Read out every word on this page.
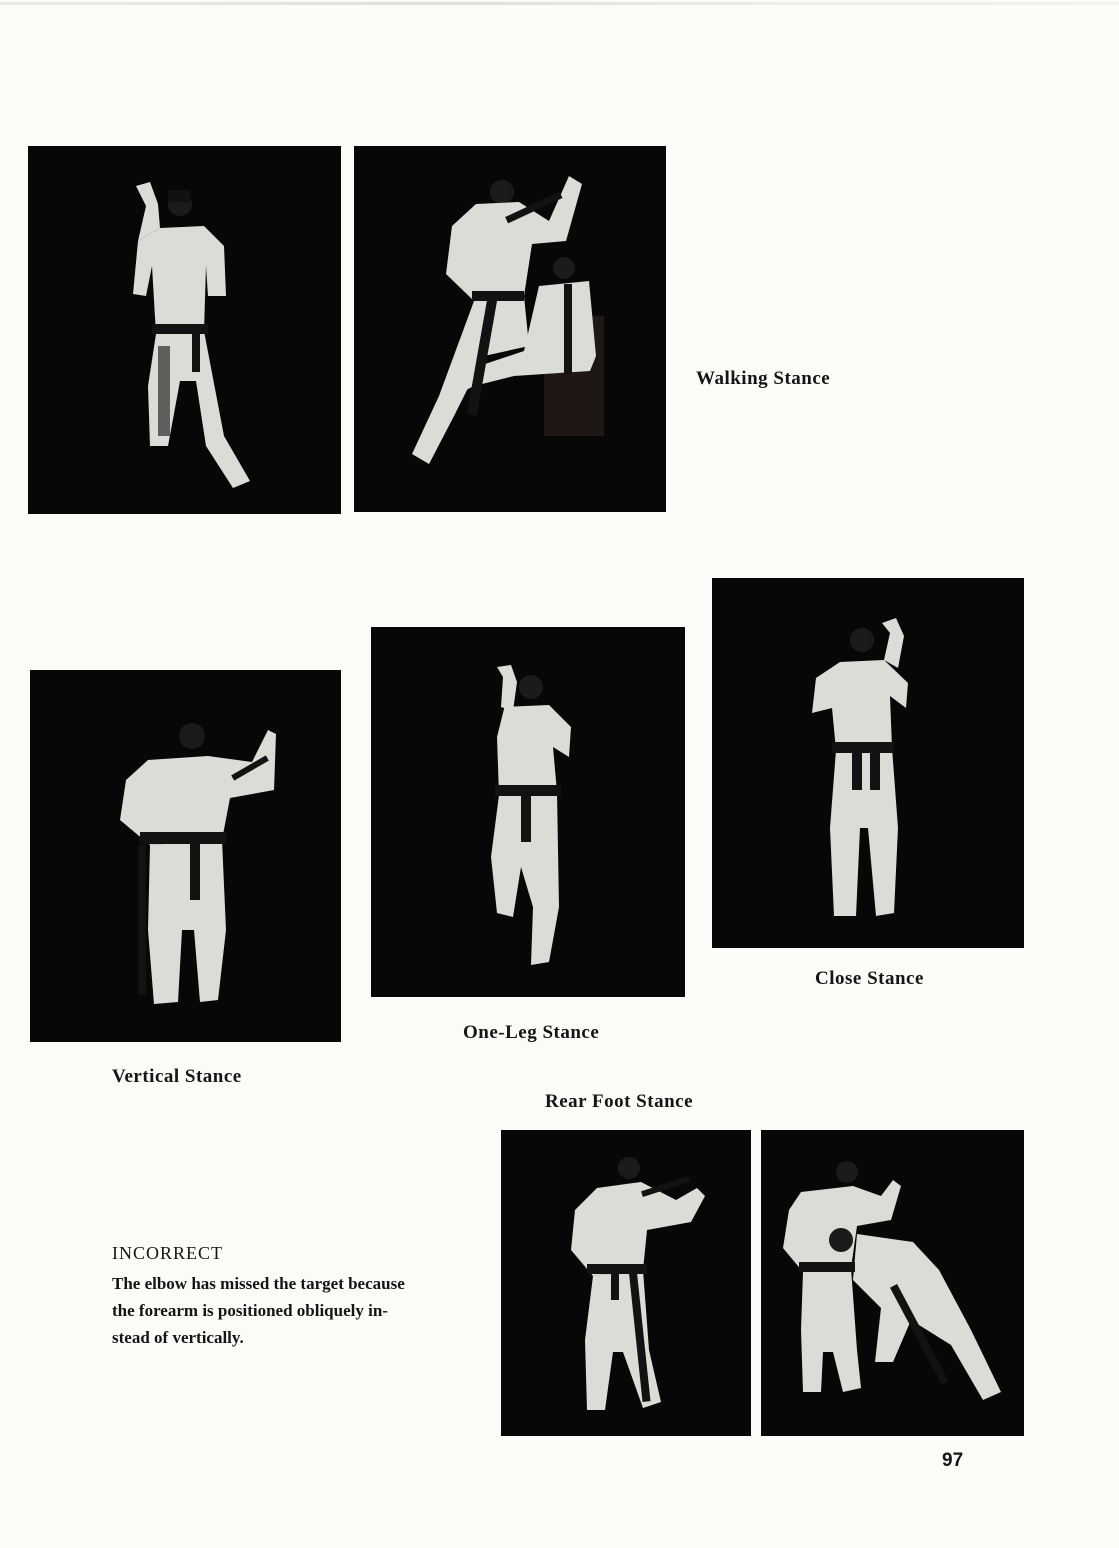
Walking Stance
Close Stance
One-Leg Stance
Vertical Stance
Rear Foot Stance
INCORRECT
The elbow has missed the target because
the forearm is positioned obliquely in-
stead of vertically.
97
